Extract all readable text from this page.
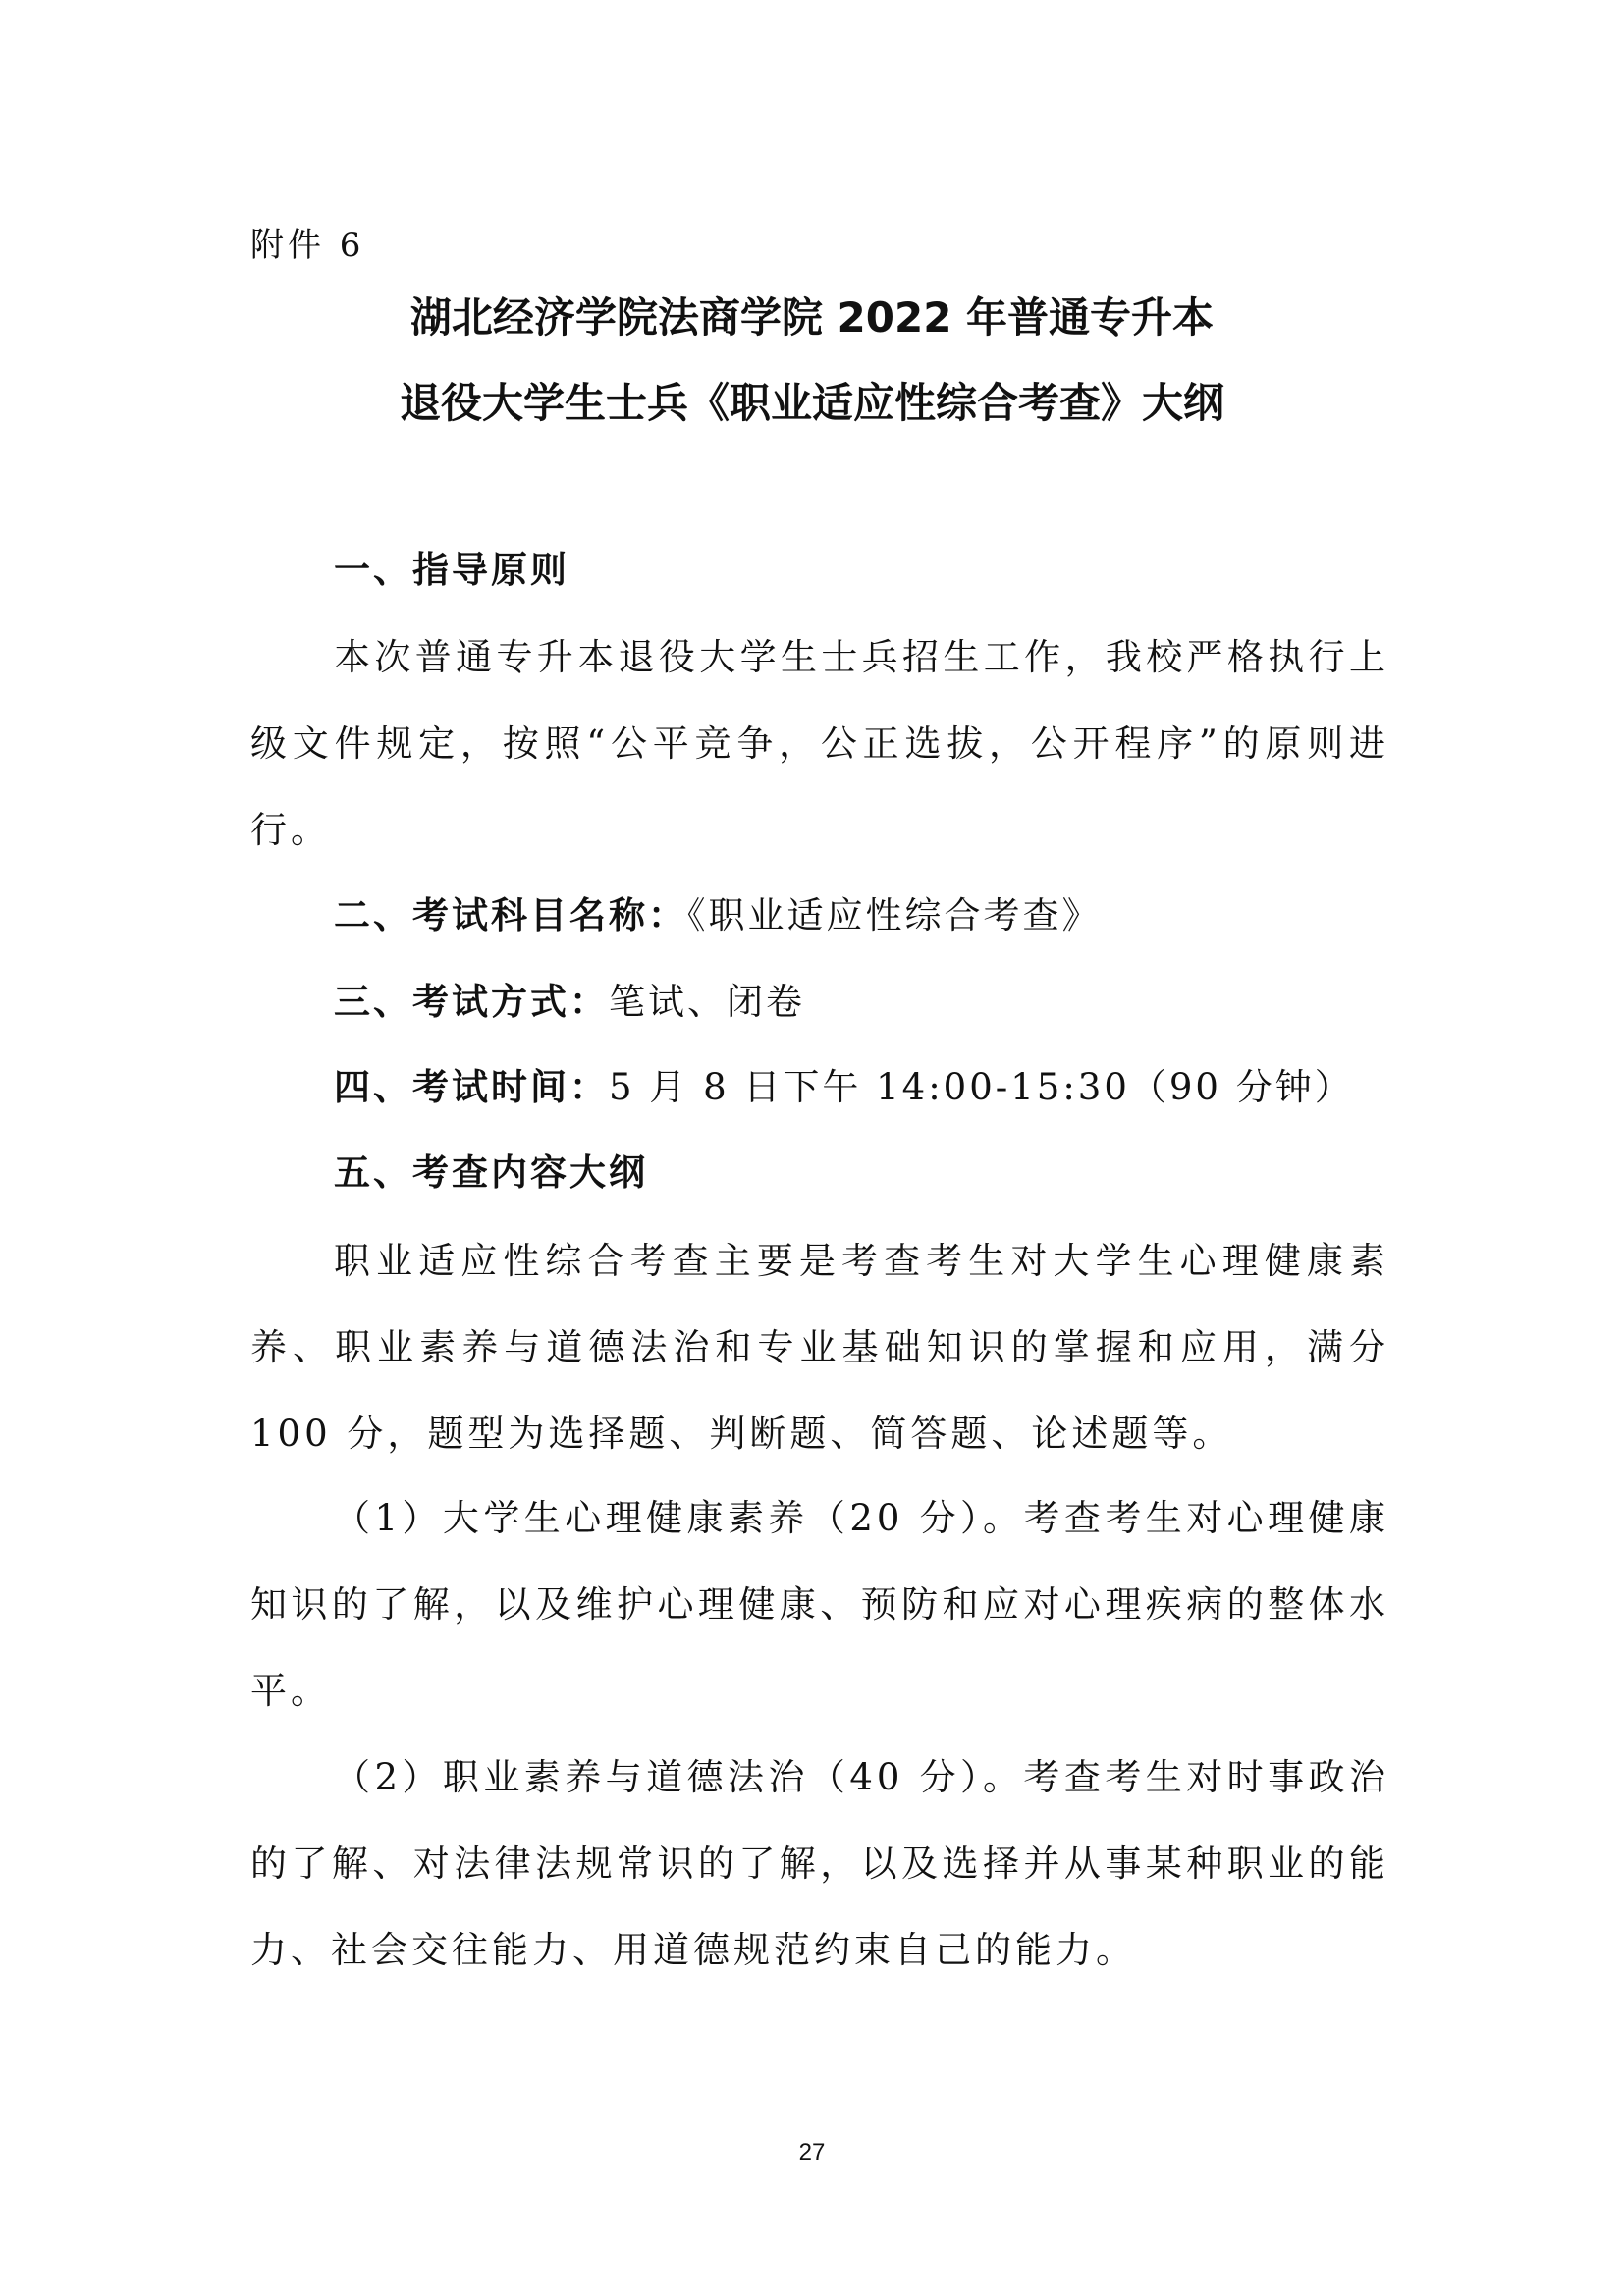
附件 6
湖北经济学院法商学院 2022 年普通专升本
退役大学生士兵《职业适应性综合考查》大纲
一、指导原则

本次普通专升本退役大学生士兵招生工作，我校严格执行上级文件规定，按照“公平竞争，公正选拔，公开程序”的原则进行。

二、考试科目名称：《职业适应性综合考查》
三、考试方式：笔试、闭卷
四、考试时间：5 月 8 日下午 14:00-15:30（90 分钟）
五、考查内容大纲

职业适应性综合考查主要是考查考生对大学生心理健康素养、职业素养与道德法治和专业基础知识的掌握和应用，满分 100 分，题型为选择题、判断题、简答题、论述题等。

（1）大学生心理健康素养（20 分）。考查考生对心理健康知识的了解，以及维护心理健康、预防和应对心理疾病的整体水平。

（2）职业素养与道德法治（40 分）。考查考生对时事政治的了解、对法律法规常识的了解，以及选择并从事某种职业的能力、社会交往能力、用道德规范约束自己的能力。

27
